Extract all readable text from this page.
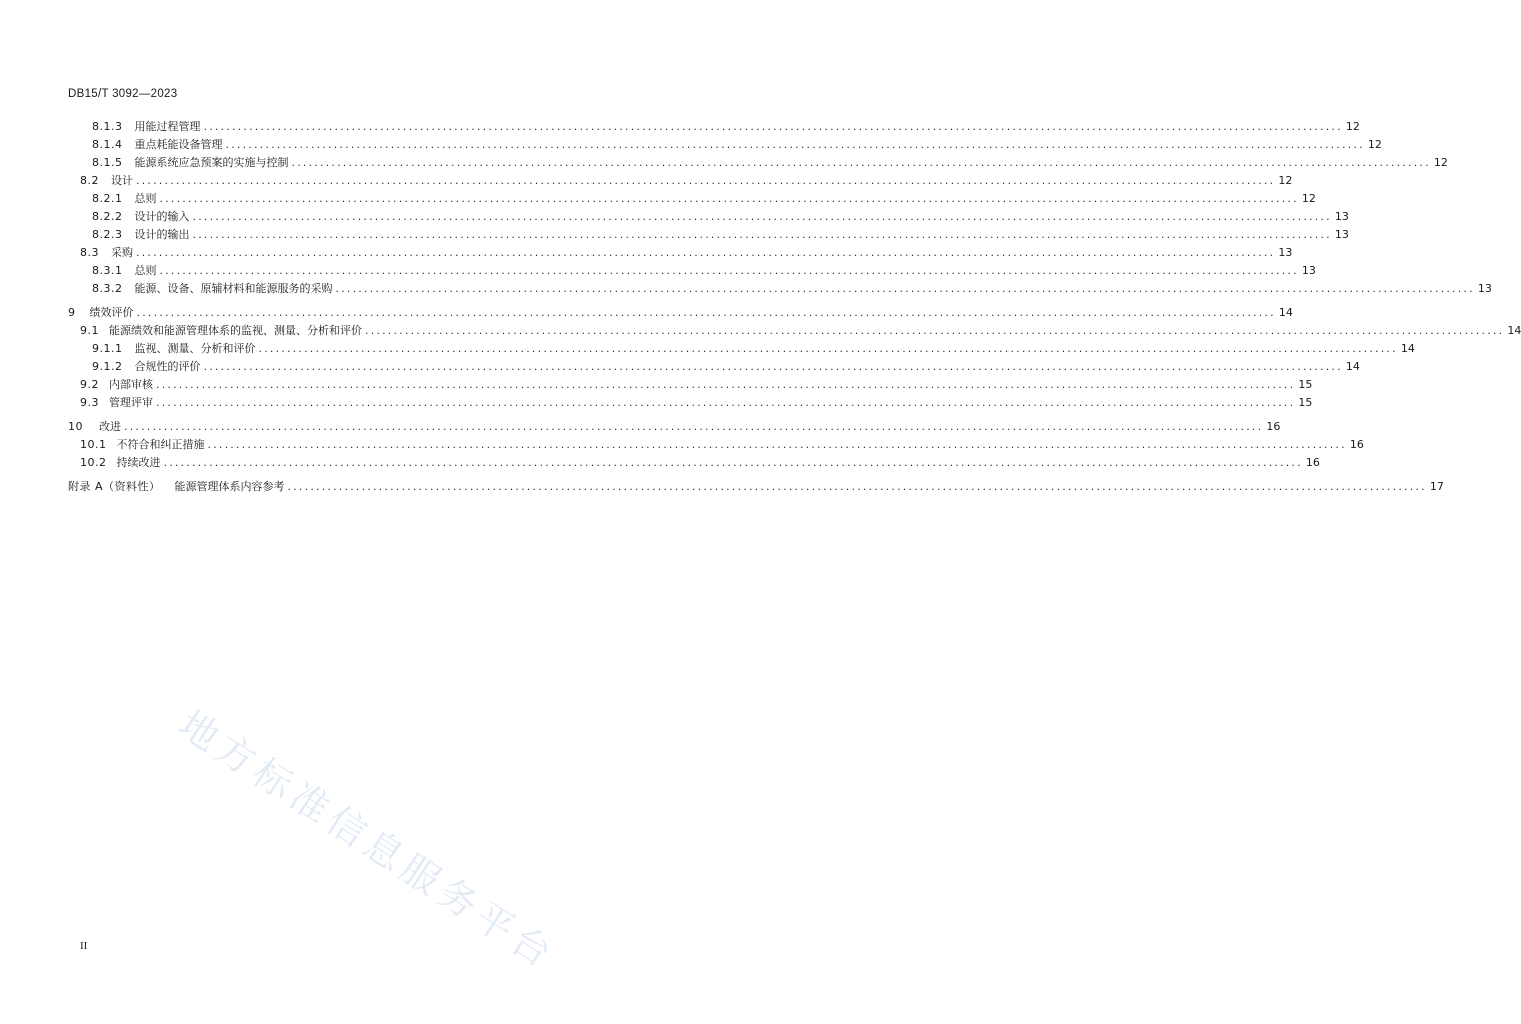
DB15/T 3092—2023
8.1.3 用能过程管理 ........................................................................................................................................................................................................ 12
8.1.4 重点耗能设备管理 ........................................................................................................................................................................................................ 12
8.1.5 能源系统应急预案的实施与控制 ........................................................................................................................................................................................................ 12
8.2 设计 ........................................................................................................................................................................................................ 12
8.2.1 总则 ........................................................................................................................................................................................................ 12
8.2.2 设计的输入 ........................................................................................................................................................................................................ 13
8.2.3 设计的输出 ........................................................................................................................................................................................................ 13
8.3 采购 ........................................................................................................................................................................................................ 13
8.3.1 总则 ........................................................................................................................................................................................................ 13
8.3.2 能源、设备、原辅材料和能源服务的采购 ........................................................................................................................................................................................................ 13
9 绩效评价 ........................................................................................................................................................................................................ 14
9.1 能源绩效和能源管理体系的监视、测量、分析和评价 ........................................................................................................................................................................................................ 14
9.1.1 监视、测量、分析和评价 ........................................................................................................................................................................................................ 14
9.1.2 合规性的评价 ........................................................................................................................................................................................................ 14
9.2 内部审核 ........................................................................................................................................................................................................ 15
9.3 管理评审 ........................................................................................................................................................................................................ 15
10 改进 ........................................................................................................................................................................................................ 16
10.1 不符合和纠正措施 ........................................................................................................................................................................................................ 16
10.2 持续改进 ........................................................................................................................................................................................................ 16
附录 A（资料性） 能源管理体系内容参考 ........................................................................................................................................................................................................ 17
地方标准信息服务平台
II
